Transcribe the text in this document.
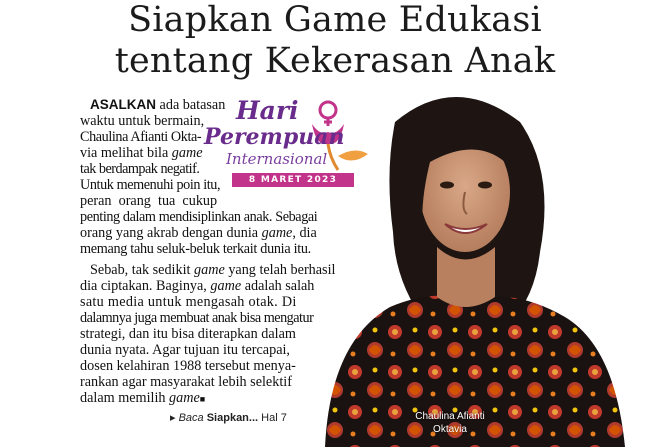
Siapkan Game Edukasi
tentang Kekerasan Anak
Hari
Perempuan
Internasional
8 MARET 2023
ASALKAN ada batasan
waktu untuk bermain,
Chaulina Afianti Okta-
via melihat bila game
tak berdampak negatif.
Untuk memenuhi poin itu,
peran  orang  tua  cukup
penting dalam mendisiplinkan anak. Sebagai
orang yang akrab dengan dunia game, dia
memang tahu seluk-beluk terkait dunia itu.
Sebab, tak sedikit game yang telah berhasil
dia ciptakan. Baginya, game adalah salah
satu media untuk mengasah otak. Di
dalamnya juga membuat anak bisa mengatur
strategi, dan itu bisa diterapkan dalam
dunia nyata. Agar tujuan itu tercapai,
dosen kelahiran 1988 tersebut menya-
rankan agar masyarakat lebih selektif
dalam memilih game■
▸ Baca Siapkan... Hal 7	Chaulina Afianti
Oktavia
